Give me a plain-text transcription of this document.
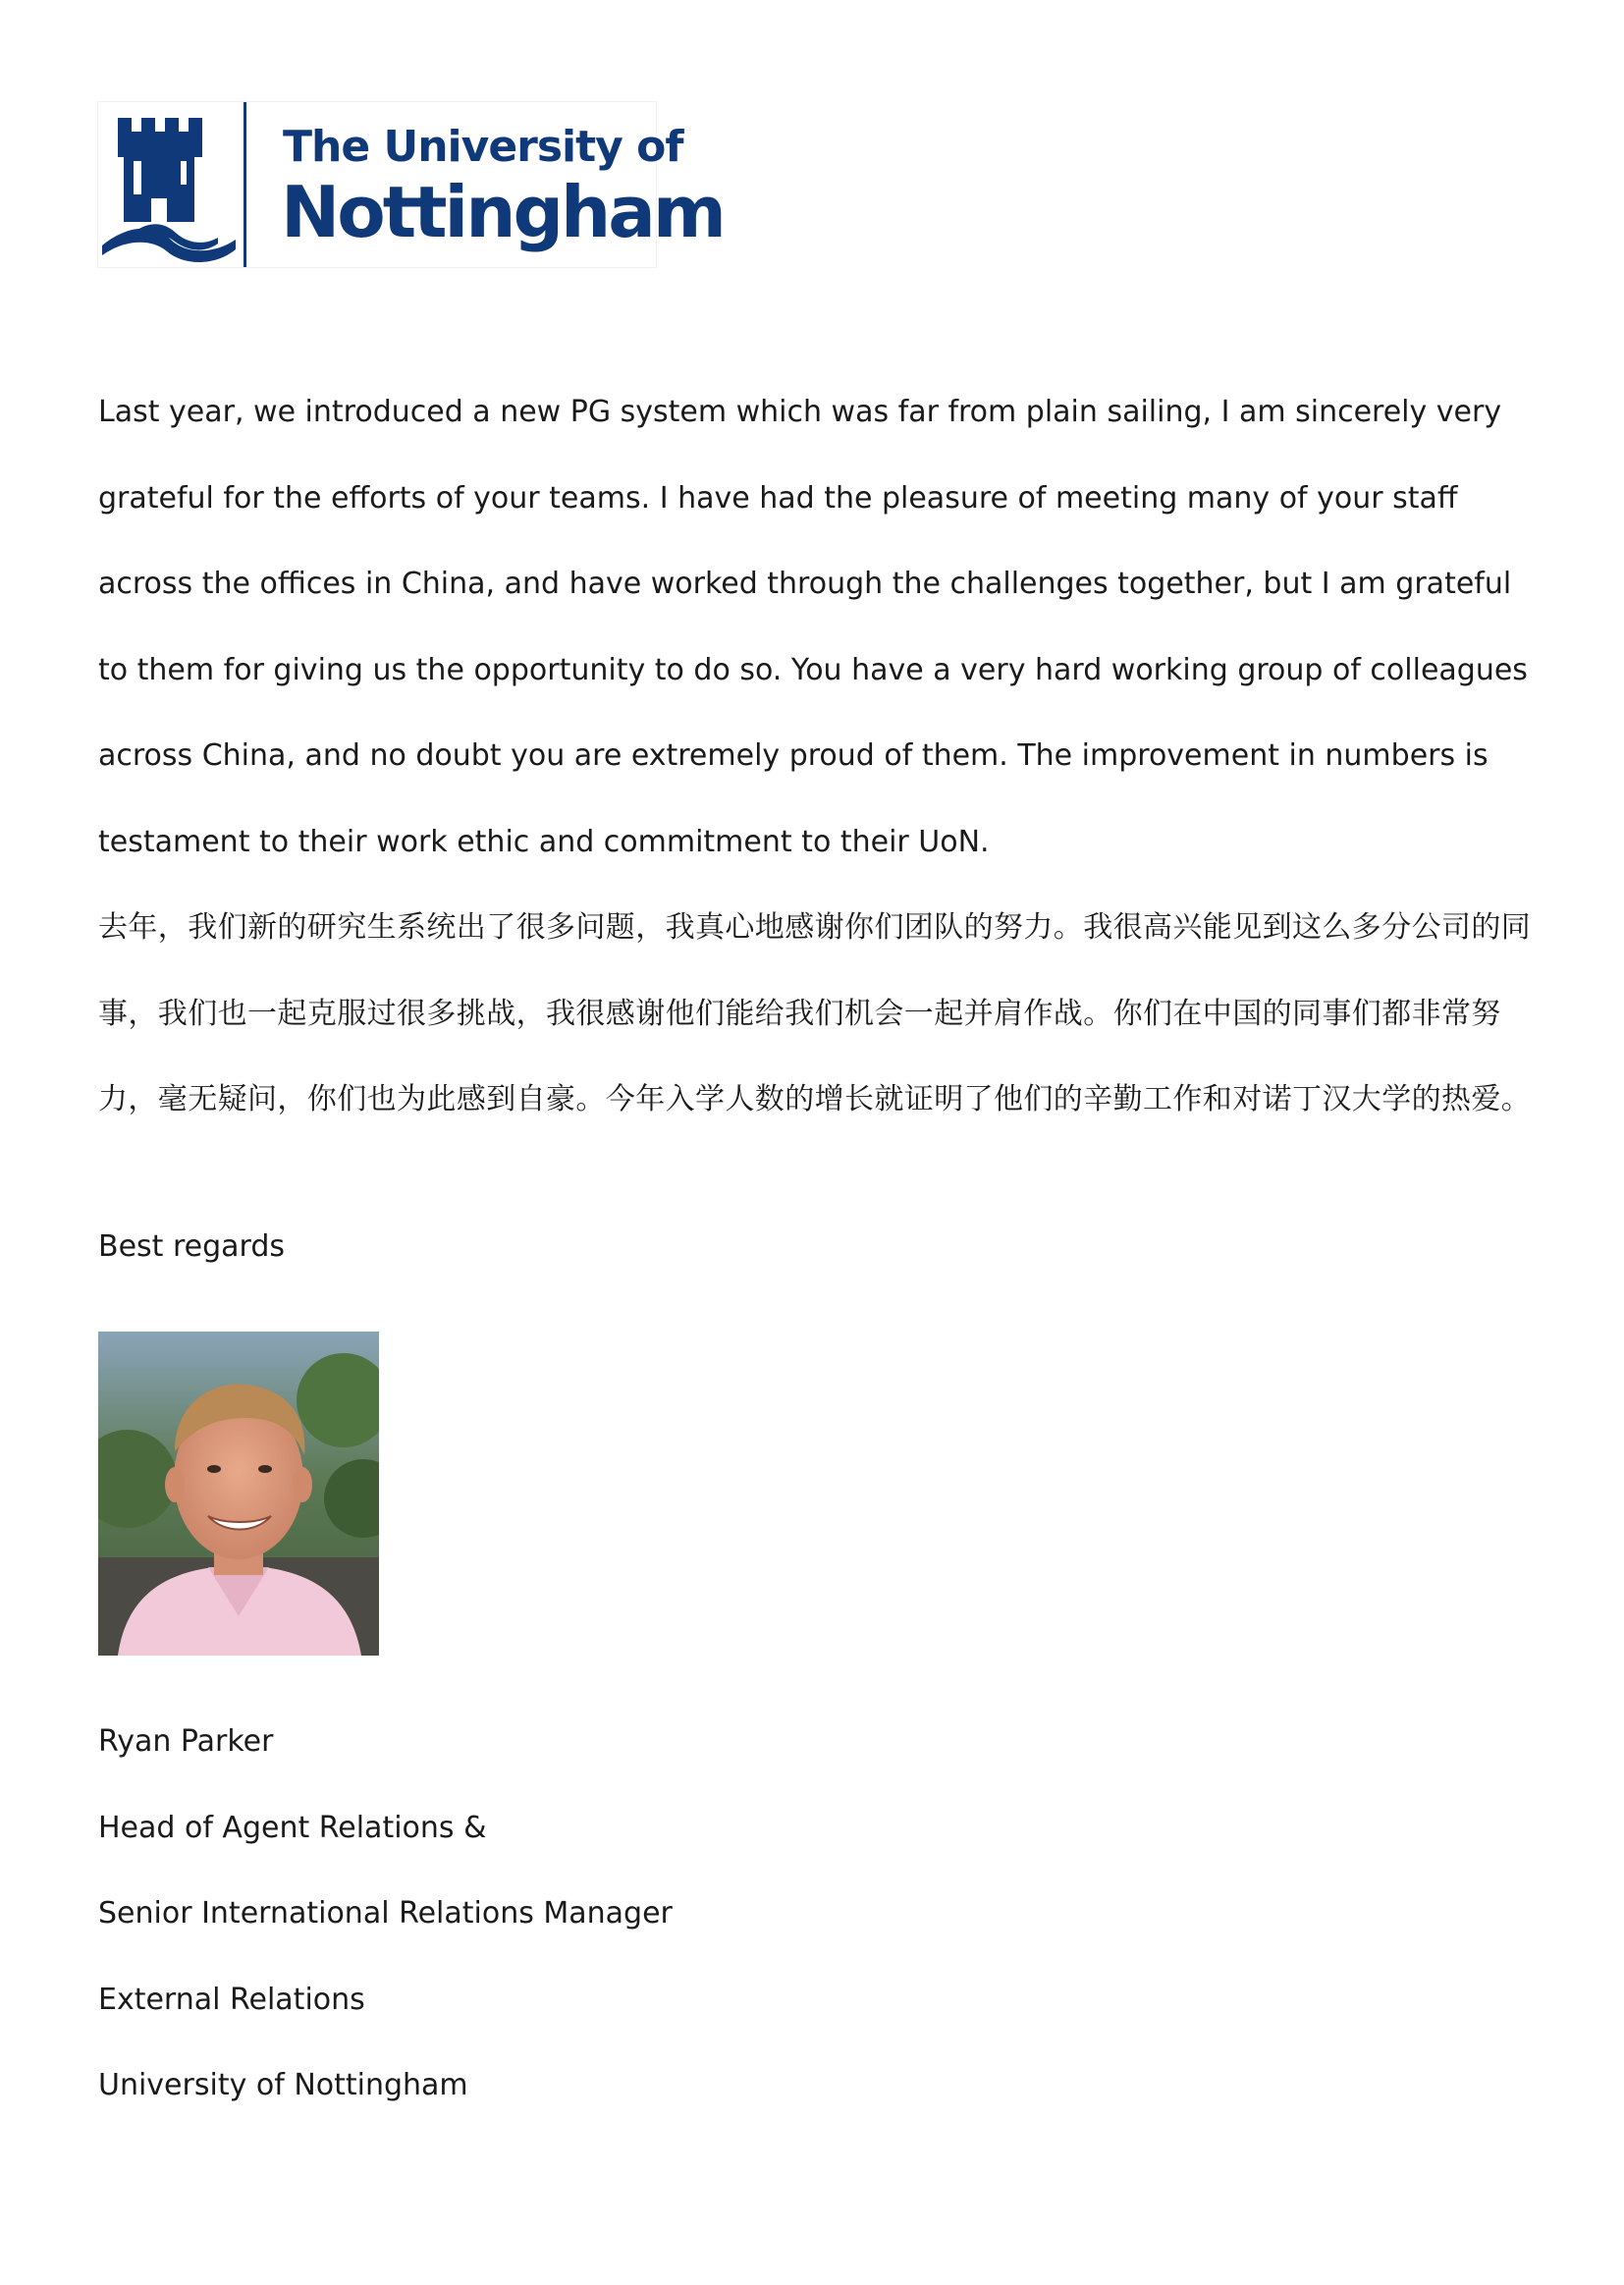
The University of
Nottingham

Last year, we introduced a new PG system which was far from plain sailing, I am sincerely very grateful for the efforts of your teams. I have had the pleasure of meeting many of your staff across the offices in China, and have worked through the challenges together, but I am grateful to them for giving us the opportunity to do so. You have a very hard working group of colleagues across China, and no doubt you are extremely proud of them. The improvement in numbers is testament to their work ethic and commitment to their UoN.

去年，我们新的研究生系统出了很多问题，我真心地感谢你们团队的努力。我很高兴能见到这么多分公司的同事，我们也一起克服过很多挑战，我很感谢他们能给我们机会一起并肩作战。你们在中国的同事们都非常努力，毫无疑问，你们也为此感到自豪。今年入学人数的增长就证明了他们的辛勤工作和对诺丁汉大学的热爱。

Best regards

Ryan Parker
Head of Agent Relations &
Senior International Relations Manager
External Relations
University of Nottingham
